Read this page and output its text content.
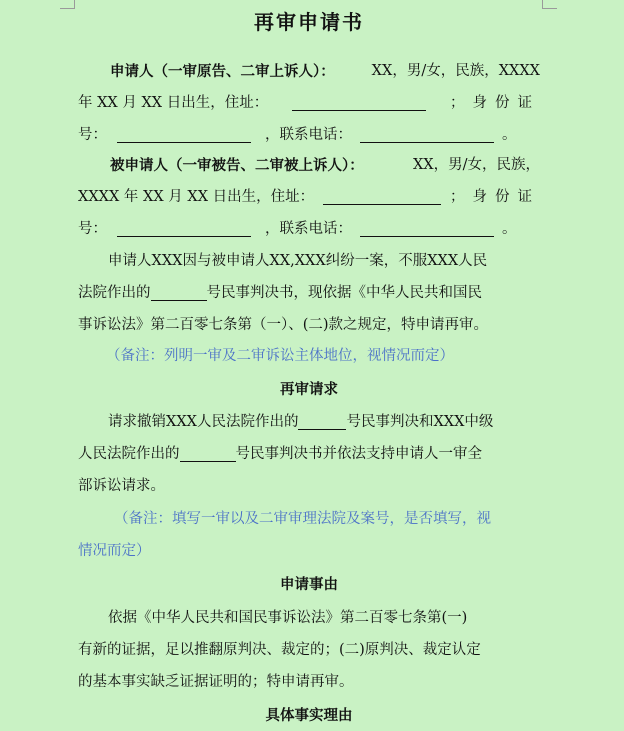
再审申请书
申请人（一审原告、二审上诉人）：	XX，男/女，民族，XXXX
年 XX 月 XX 日出生，住址：	；身份证
号：	，联系电话：	。
被申请人（一审被告、二审被上诉人）：	XX，男/女，民族，
XXXX 年 XX 月 XX 日出生，住址：	；身份证
号：	，联系电话：	。
申请人XXX因与被申请人XX,XXX纠纷一案，不服XXX人民
法院作出的	号民事判决书，现依据《中华人民共和国民
事诉讼法》第二百零七条第（一）、(二)款之规定，特申请再审。
（备注：列明一审及二审诉讼主体地位，视情况而定）
再审请求
请求撤销XXX人民法院作出的	号民事判决和XXX中级
人民法院作出的	号民事判决书并依法支持申请人一审全
部诉讼请求。
（备注：填写一审以及二审审理法院及案号，是否填写，视
情况而定）
申请事由
依据《中华人民共和国民事诉讼法》第二百零七条第(一)
有新的证据，足以推翻原判决、裁定的；(二)原判决、裁定认定
的基本事实缺乏证据证明的；特申请再审。
具体事实理由
